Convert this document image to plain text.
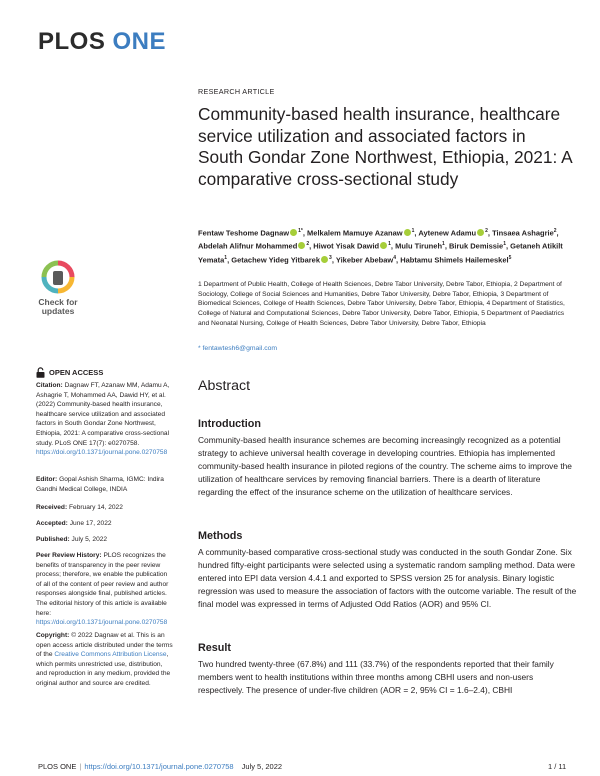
PLOS ONE
Check for updates
OPEN ACCESS
Citation: Dagnaw FT, Azanaw MM, Adamu A, Ashagrie T, Mohammed AA, Dawid HY, et al. (2022) Community-based health insurance, healthcare service utilization and associated factors in South Gondar Zone Northwest, Ethiopia, 2021: A comparative cross-sectional study. PLoS ONE 17(7): e0270758. https://doi.org/10.1371/journal.pone.0270758
Editor: Gopal Ashish Sharma, IGMC: Indira Gandhi Medical College, INDIA
Received: February 14, 2022
Accepted: June 17, 2022
Published: July 5, 2022
Peer Review History: PLOS recognizes the benefits of transparency in the peer review process; therefore, we enable the publication of all of the content of peer review and author responses alongside final, published articles. The editorial history of this article is available here: https://doi.org/10.1371/journal.pone.0270758
Copyright: © 2022 Dagnaw et al. This is an open access article distributed under the terms of the Creative Commons Attribution License, which permits unrestricted use, distribution, and reproduction in any medium, provided the original author and source are credited.
RESEARCH ARTICLE
Community-based health insurance, healthcare service utilization and associated factors in South Gondar Zone Northwest, Ethiopia, 2021: A comparative cross-sectional study
Fentaw Teshome Dagnaw $^{1*}$, Melkalem Mamuye Azanaw $^1$, Aytenew Adamu $^2$, Tinsaea Ashagrie$^2$, Abdelah Alifnur Mohammed $^2$, Hiwot Yisak Dawid $^1$, Mulu Tiruneh$^1$, Biruk Demissie$^1$, Getaneh Atikilt Yemata$^1$, Getachew Yideg Yitbarek $^3$, Yikeber Abebaw$^4$, Habtamu Shimels Hailemeskel$^5$
1 Department of Public Health, College of Health Sciences, Debre Tabor University, Debre Tabor, Ethiopia, 2 Department of Sociology, College of Social Sciences and Humanities, Debre Tabor University, Debre Tabor, Ethiopia, 3 Department of Biomedical Sciences, College of Health Sciences, Debre Tabor University, Debre Tabor, Ethiopia, 4 Department of Statistics, College of Natural and Computational Sciences, Debre Tabor University, Debre Tabor, Ethiopia, 5 Department of Paediatrics and Neonatal Nursing, College of Health Sciences, Debre Tabor University, Debre Tabor, Ethiopia
* fentawtesh6@gmail.com
Abstract
Introduction
Community-based health insurance schemes are becoming increasingly recognized as a potential strategy to achieve universal health coverage in developing countries. Ethiopia has implemented community-based health insurance in piloted regions of the country. The scheme aims to improve the utilization of healthcare services by removing financial barriers. There is a dearth of literature regarding the effect of the insurance scheme on the utilization of healthcare services.
Methods
A community-based comparative cross-sectional study was conducted in the south Gondar Zone. Six hundred fifty-eight participants were selected using a systematic random sampling method. Data were entered into EPI data version 4.4.1 and exported to SPSS version 25 for analysis. Binary logistic regression was used to measure the association of factors with the outcome variable. The result of the final model was expressed in terms of Adjusted Odd Ratios (AOR) and 95% CI.
Result
Two hundred twenty-three (67.8%) and 111 (33.7%) of the respondents reported that their family members went to health institutions within three months among CBHI users and non-users respectively. The presence of under-five children (AOR = 2, 95% CI = 1.6–2.4), CBHI
PLOS ONE | https://doi.org/10.1371/journal.pone.0270758 July 5, 2022	1 / 11
